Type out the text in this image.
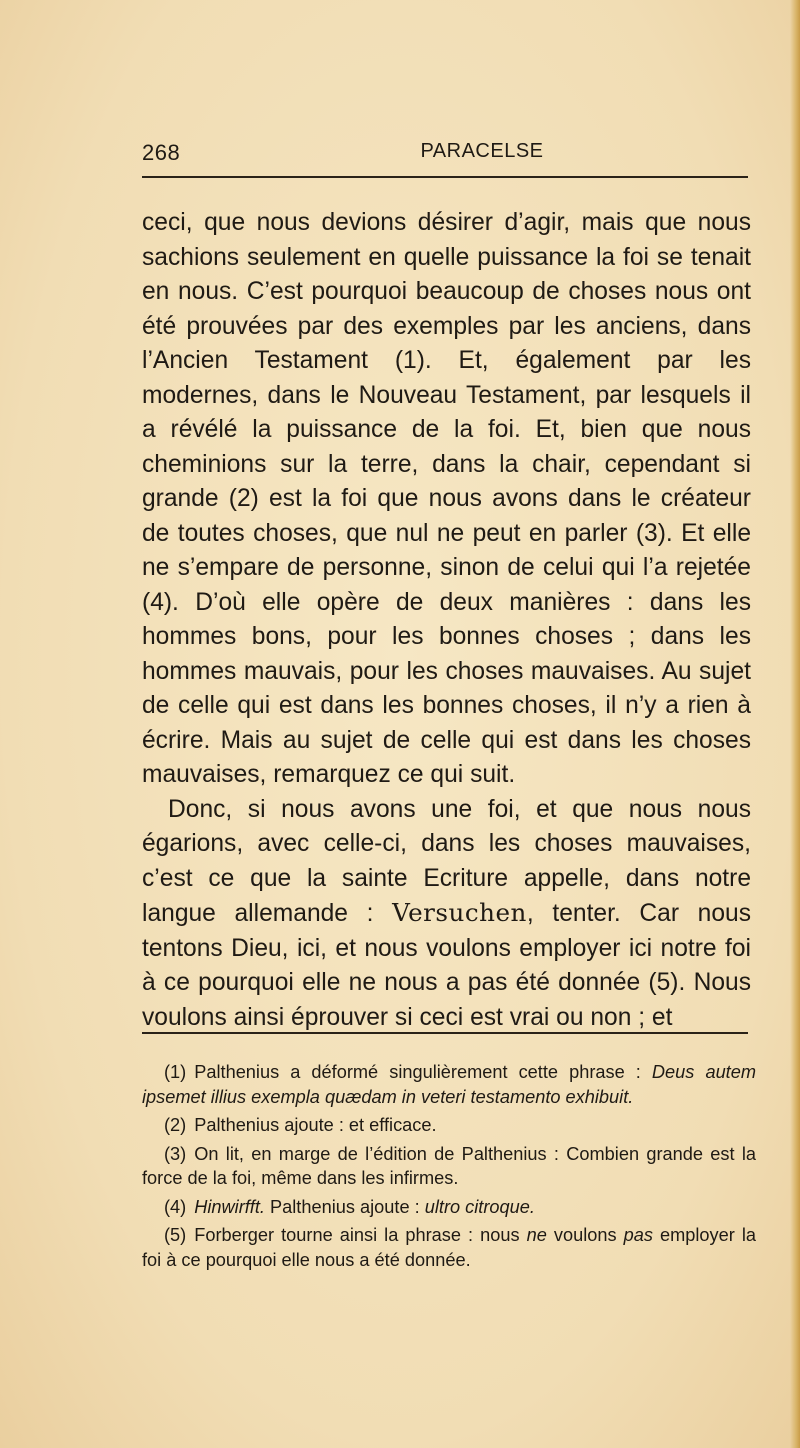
268	PARACELSE

ceci, que nous devions désirer d’agir, mais que nous sachions seulement en quelle puissance la foi se tenait en nous. C’est pourquoi beaucoup de choses nous ont été prouvées par des exemples par les anciens, dans l’Ancien Testament (1). Et, également par les modernes, dans le Nouveau Testament, par lesquels il a révélé la puissance de la foi. Et, bien que nous cheminions sur la terre, dans la chair, cependant si grande (2) est la foi que nous avons dans le créateur de toutes choses, que nul ne peut en parler (3). Et elle ne s’empare de personne, sinon de celui qui l’a rejetée (4). D’où elle opère de deux manières : dans les hommes bons, pour les bonnes choses ; dans les hommes mauvais, pour les choses mauvaises. Au sujet de celle qui est dans les bonnes choses, il n’y a rien à écrire. Mais au sujet de celle qui est dans les choses mauvaises, remarquez ce qui suit.

Donc, si nous avons une foi, et que nous nous égarions, avec celle-ci, dans les choses mauvaises, c’est ce que la sainte Ecriture appelle, dans notre langue allemande : Versuchen, tenter. Car nous tentons Dieu, ici, et nous voulons employer ici notre foi à ce pourquoi elle ne nous a pas été donnée (5). Nous voulons ainsi éprouver si ceci est vrai ou non ; et

(1) Palthenius a déformé singulièrement cette phrase : Deus autem ipsemet illius exempla quædam in veteri testamento exhibuit.

(2) Palthenius ajoute : et efficace.

(3) On lit, en marge de l’édition de Palthenius : Combien grande est la force de la foi, même dans les infirmes.

(4) Hinwirfft. Palthenius ajoute : ultro citroque.

(5) Forberger tourne ainsi la phrase : nous ne voulons pas employer la foi à ce pourquoi elle nous a été donnée.
